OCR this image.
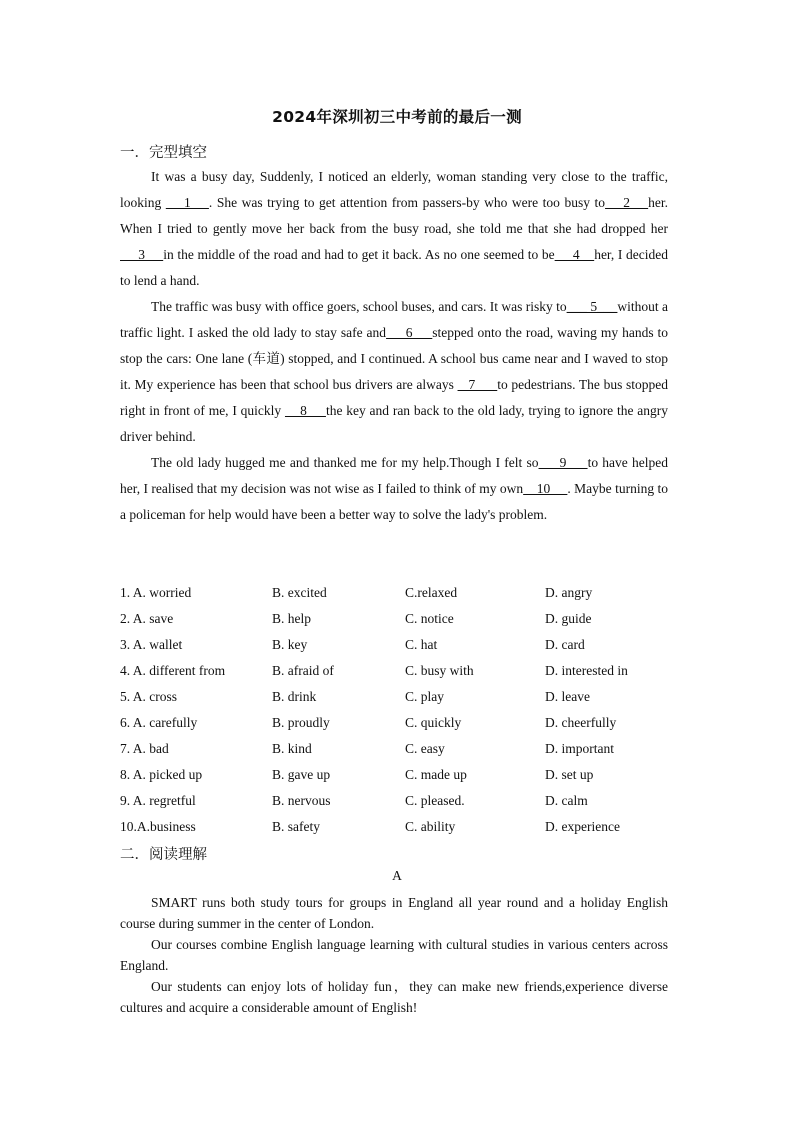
2024年深圳初三中考前的最后一测
一．完型填空

It was a busy day, Suddenly, I noticed an elderly, woman standing very close to the traffic, looking     1    . She was trying to get attention from passers-by who were too busy to    2    her. When I tried to gently move her back from the busy road, she told me that she had dropped her     3     in the middle of the road and had to get it back. As no one seemed to be     4    her, I decided to lend a hand.

The traffic was busy with office goers, school buses, and cars. It was risky to___ 5___without a traffic light. I asked the old lady to stay safe and     6     stepped onto the road, waving my hands to stop the cars: One lane (车道) stopped, and I continued. A school bus came near and I waved to stop it. My experience has been that school bus drivers are always    7      to pedestrians. The bus stopped right in front of me, I quickly     8     the key and ran back to the old lady, trying to ignore the angry driver behind.

The old lady hugged me and thanked me for my help.Though I felt so     9     to have helped her, I realised that my decision was not wise as I failed to think of my own    10     . Maybe turning to a policeman for help would have been a better way to solve the lady's problem.

1. A. worried	B. excited	C.relaxed	D. angry
2. A. save	B. help	C. notice	D. guide
3. A. wallet	B. key	C. hat	D. card
4. A. different from	B. afraid of	C. busy with	D. interested in
5. A. cross	B. drink	C. play	D. leave
6. A. carefully	B. proudly	C. quickly	D. cheerfully
7. A. bad	B. kind	C. easy	D. important
8. A. picked up	B. gave up	C. made up	D. set up
9. A. regretful	B. nervous	C. pleased.	D. calm
10.A.business	B. safety	C. ability	D. experience
二．阅读理解
A

SMART runs both study tours for groups in England all year round and a holiday English course during summer in the center of London.

Our courses combine English language learning with cultural studies in various centers across England.

Our students can enjoy lots of holiday fun，they can make new friends,experience diverse cultures and acquire a considerable amount of English!
